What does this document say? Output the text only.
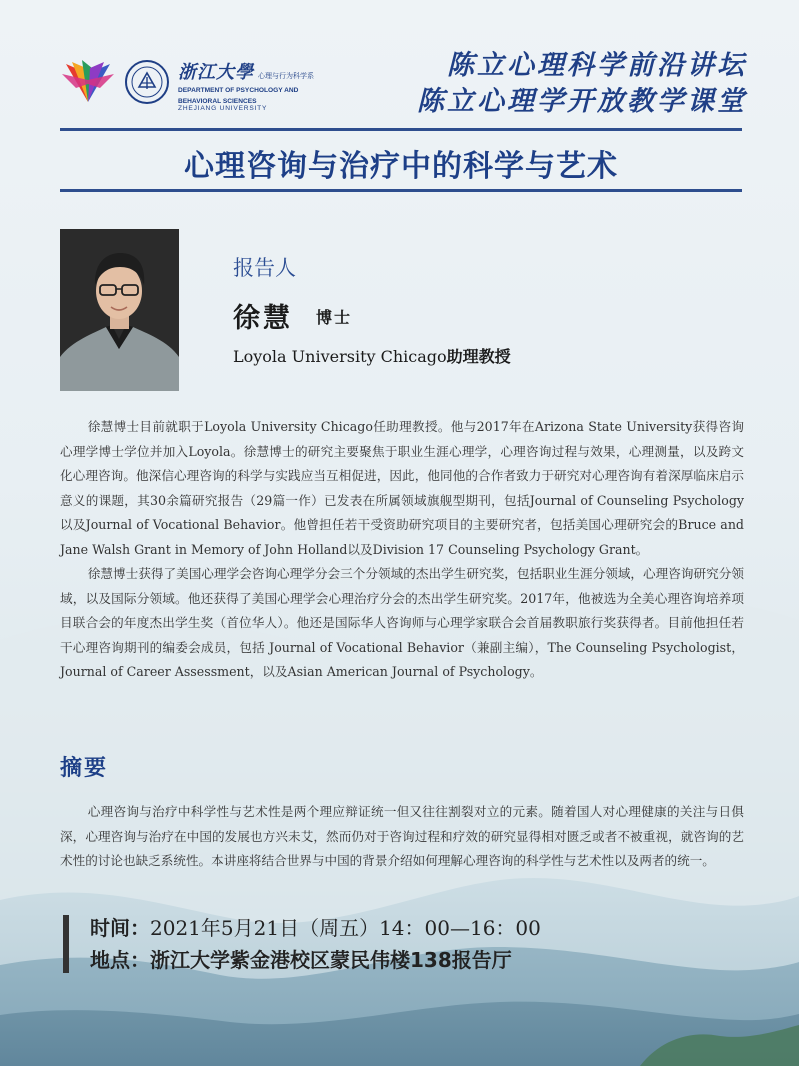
浙江大學 心理与行为科学系
DEPARTMENT OF PSYCHOLOGY AND
BEHAVIORAL SCIENCES
ZHEJIANG UNIVERSITY
陈立心理科学前沿讲坛
陈立心理学开放教学课堂
心理咨询与治疗中的科学与艺术
报告人
徐慧 博士
Loyola University Chicago助理教授

徐慧博士目前就职于Loyola University Chicago任助理教授。他与2017年在Arizona State University获得咨询心理学博士学位并加入Loyola。徐慧博士的研究主要聚焦于职业生涯心理学，心理咨询过程与效果，心理测量，以及跨文化心理咨询。他深信心理咨询的科学与实践应当互相促进，因此，他同他的合作者致力于研究对心理咨询有着深厚临床启示意义的课题，其30余篇研究报告（29篇一作）已发表在所属领域旗舰型期刊，包括Journal of Counseling Psychology以及Journal of Vocational Behavior。他曾担任若干受资助研究项目的主要研究者，包括美国心理研究会的Bruce and Jane Walsh Grant in Memory of John Holland以及Division 17 Counseling Psychology Grant。

徐慧博士获得了美国心理学会咨询心理学分会三个分领域的杰出学生研究奖，包括职业生涯分领域，心理咨询研究分领域，以及国际分领域。他还获得了美国心理学会心理治疗分会的杰出学生研究奖。2017年，他被选为全美心理咨询培养项目联合会的年度杰出学生奖（首位华人）。他还是国际华人咨询师与心理学家联合会首届教职旅行奖获得者。目前他担任若干心理咨询期刊的编委会成员，包括 Journal of Vocational Behavior（兼副主编），The Counseling Psychologist，Journal of Career Assessment，以及Asian American Journal of Psychology。

摘要

心理咨询与治疗中科学性与艺术性是两个理应辩证统一但又往往割裂对立的元素。随着国人对心理健康的关注与日俱深，心理咨询与治疗在中国的发展也方兴未艾，然而仍对于咨询过程和疗效的研究显得相对匮乏或者不被重视，就咨询的艺术性的讨论也缺乏系统性。本讲座将结合世界与中国的背景介绍如何理解心理咨询的科学性与艺术性以及两者的统一。

时间：2021年5月21日（周五）14：00—16：00
地点：浙江大学紫金港校区蒙民伟楼138报告厅
